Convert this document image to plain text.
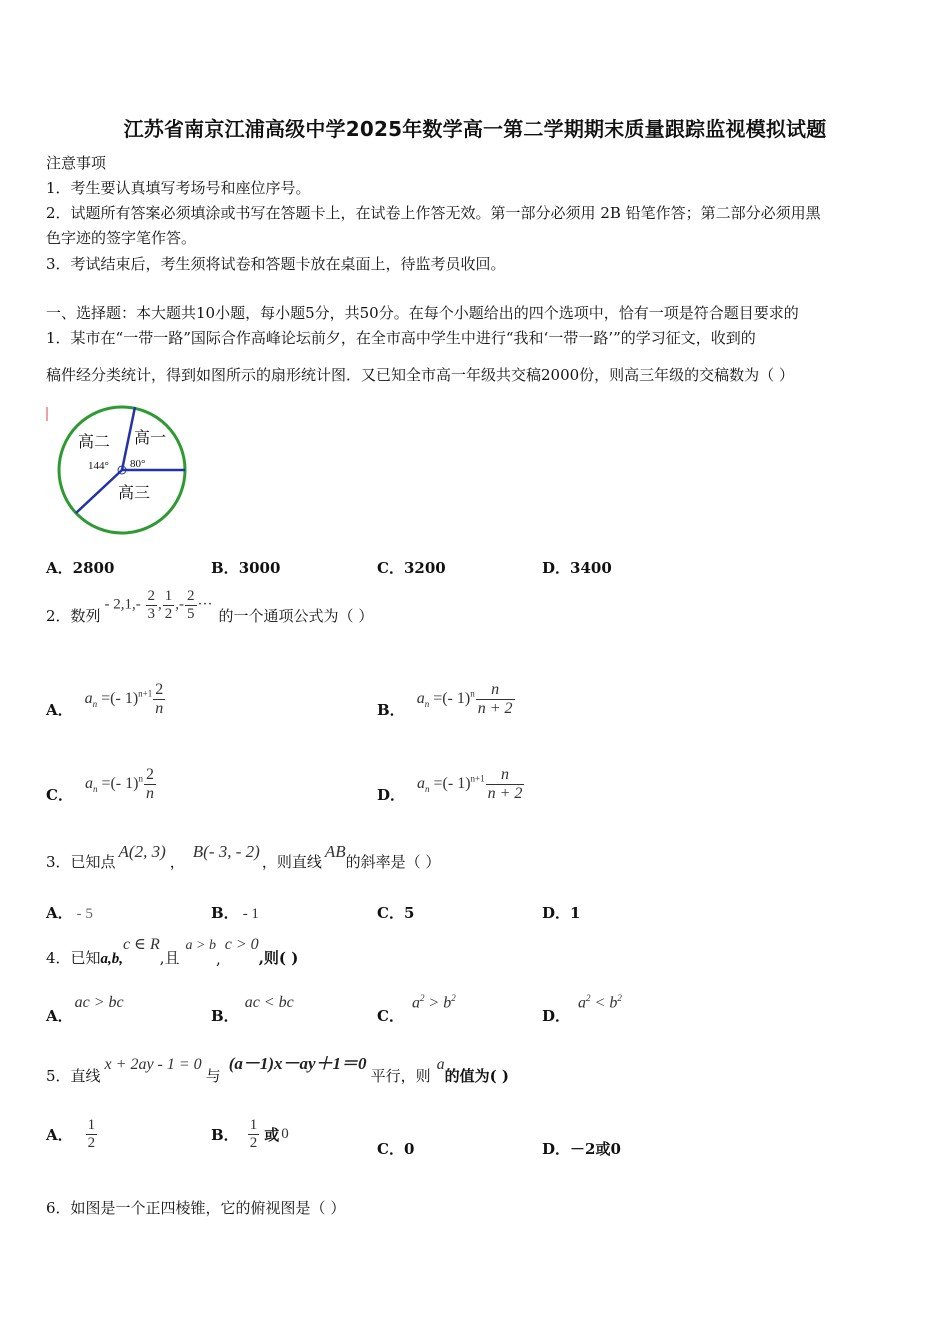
江苏省南京江浦高级中学2025年数学高一第二学期期末质量跟踪监视模拟试题
注意事项
1．考生要认真填写考场号和座位序号。
2．试题所有答案必须填涂或书写在答题卡上，在试卷上作答无效。第一部分必须用 2B 铅笔作答；第二部分必须用黑
色字迹的签字笔作答。
3．考试结束后，考生须将试卷和答题卡放在桌面上，待监考员收回。
一、选择题：本大题共10小题，每小题5分，共50分。在每个小题给出的四个选项中，恰有一项是符合题目要求的
1．某市在“一带一路”国际合作高峰论坛前夕，在全市高中学生中进行“我和‘一带一路’”的学习征文，收到的
稿件经分类统计，得到如图所示的扇形统计图．又已知全市高一年级共交稿2000份，则高三年级的交稿数为（ ）
高二 高一
高三
144° 80°
A．2800	B．3000	C．3200	D．3400
2．数列
- $2,1,- \frac{2}{3}$ , $\frac{1}{2}$ ,- $\frac{2}{5}$ ···
的一个通项公式为（ ）
A．
$a_n$ =(- $1)^{n+1} \frac{2}{n}$	B．
$a_n$ =(- $1)^n \frac{n}{n + 2}$
C．
$a_n$ =(- $1)^n \frac{2}{n}$	D．
$a_n$ =(- $1)^{n+1} \frac{n}{n + 2}$
3．已知点
A(2, 3)
，
B(- 3, - 2)
，则直线
AB
的斜率是（ ）
A． - 5	B． - 1	C．5	D．1
4．已知 a,b,
c ∈ R
,且
a > b
,
c > 0
,则( )
A．
ac > bc
B．
ac < bc
C．
$a^2 > b^2$
D．
$a^2 < b^2$
5．直线
x + 2ay - 1 = 0
与
(a－1)x－ay＋1＝0
平行，则
a
的值为( )
A． $\frac{1}{2}$	B． $\frac{1}{2}$ 或 0
C．0	D．－2或0
6．如图是一个正四棱锥，它的俯视图是（ ）
